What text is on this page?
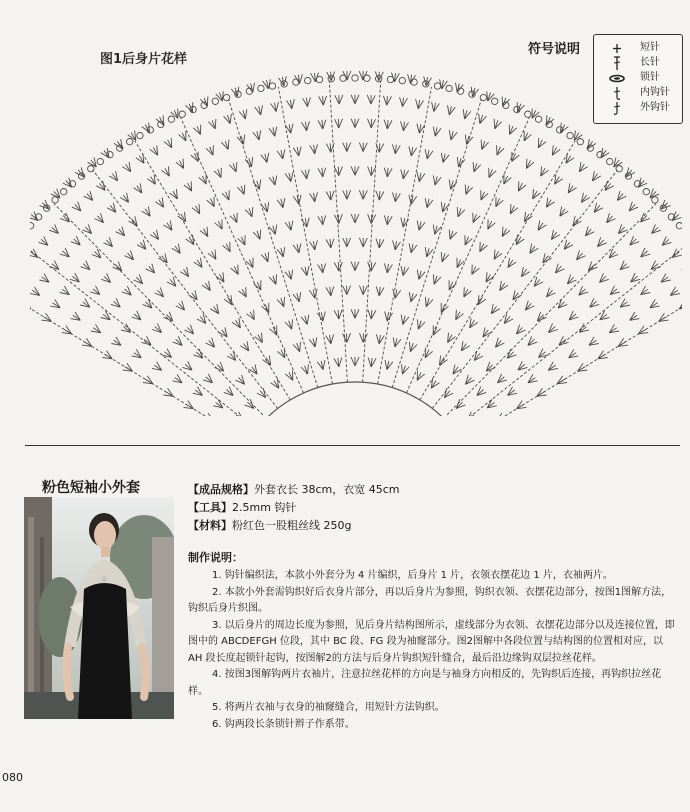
图1后身片花样
符号说明	短针
长针
锁针
内钩针
外钩针
粉色短袖小外套	【成品规格】外套衣长 38cm，衣宽 45cm
【工具】2.5mm 钩针
【材料】粉红色一股粗丝线 250g
制作说明：

1. 钩针编织法，本款小外套分为 4 片编织，后身片 1 片，衣领衣摆花边 1 片，衣袖两片。

2. 本款小外套需钩织好后衣身片部分，再以后身片为参照，钩织衣领、衣摆花边部分，按图1图解方法，钩织后身片织图。

3. 以后身片的周边长度为参照，见后身片结构图所示，虚线部分为衣领、衣摆花边部分以及连接位置，即图中的 ABCDEFGH 位段，其中 BC 段、FG 段为袖窿部分。图2图解中各段位置与结构图的位置相对应，以 AH 段长度起锁针起钩，按图解2的方法与后身片钩织短针缝合，最后沿边缘钩双层拉丝花样。

4. 按图3图解钩两片衣袖片，注意拉丝花样的方向是与袖身方向相反的，先钩织后连接，再钩织拉丝花样。

5. 将两片衣袖与衣身的袖窿缝合，用短针方法钩织。

6. 钩两段长条锁针辫子作系带。

080
